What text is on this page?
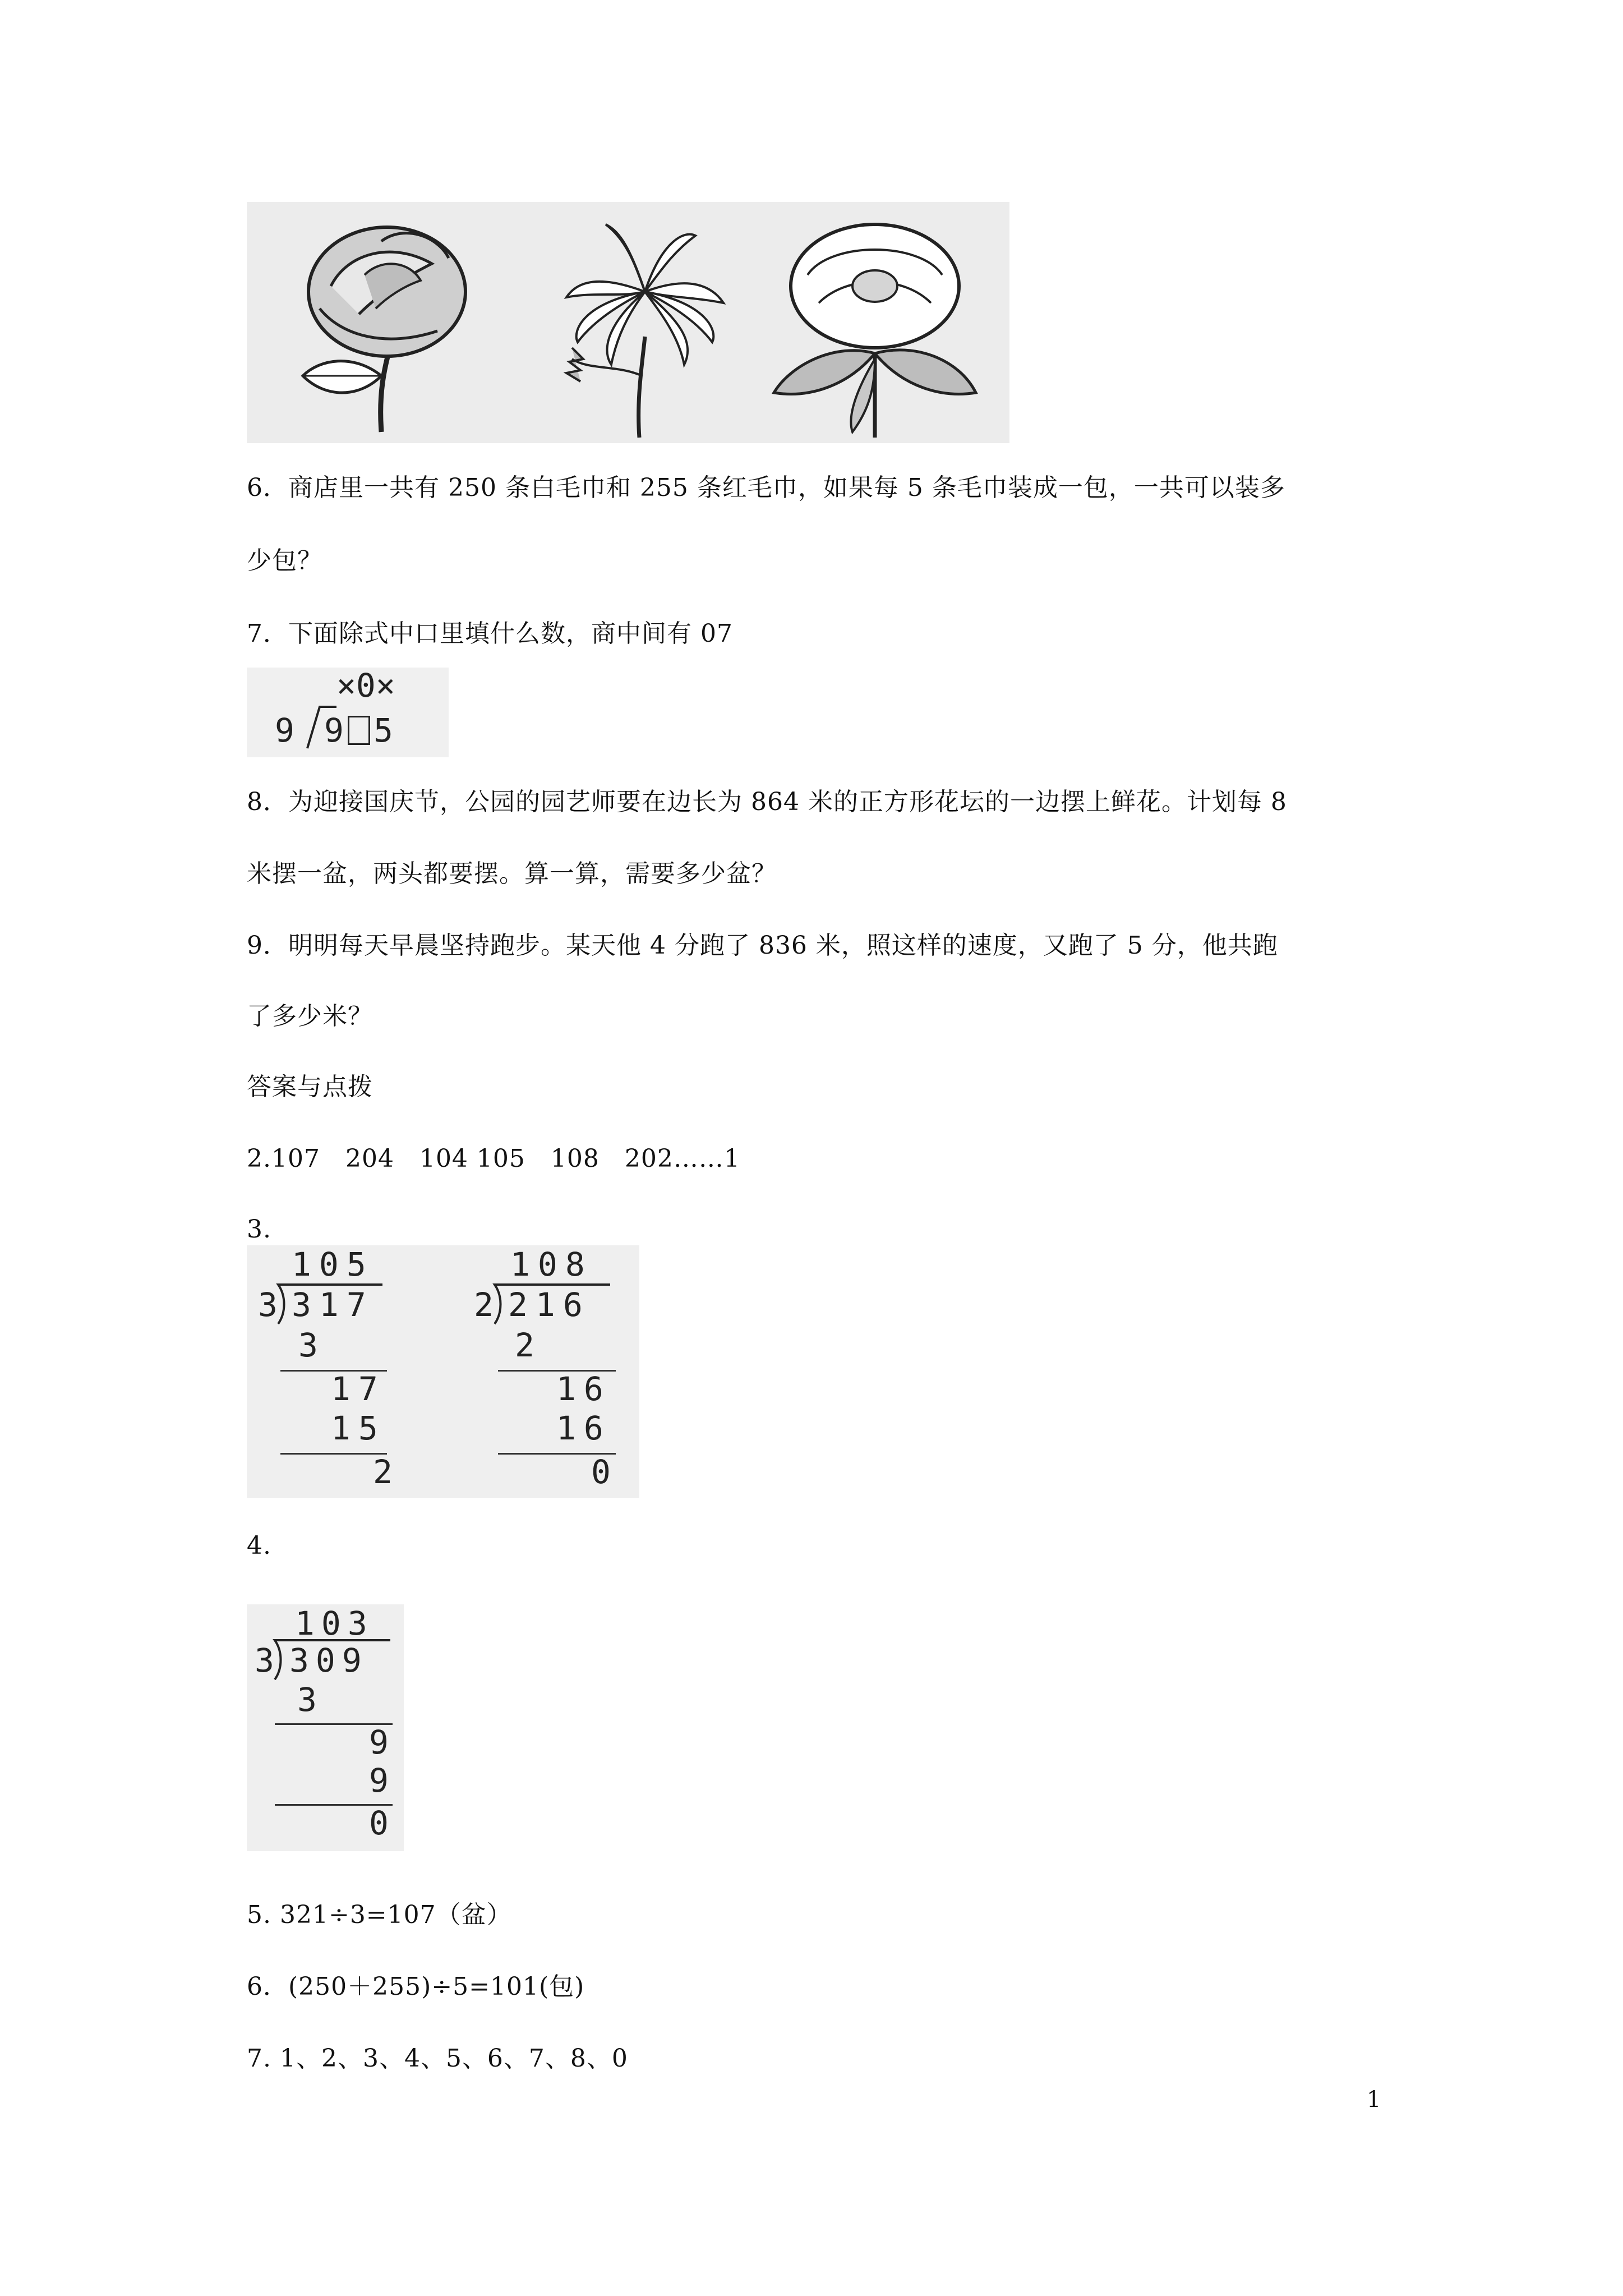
6．商店里一共有 250 条白毛巾和 255 条红毛巾，如果每 5 条毛巾装成一包，一共可以装多
少包？
7．下面除式中口里填什么数，商中间有 07
×0×
9 9 5
8．为迎接国庆节，公园的园艺师要在边长为 864 米的正方形花坛的一边摆上鲜花。计划每 8
米摆一盆，两头都要摆。算一算，需要多少盆？
9．明明每天早晨坚持跑步。某天他 4 分跑了 836 米，照这样的速度，又跑了 5 分，他共跑
了多少米？
答案与点拨
2.107　204　104 105　108　202……1
3.
105
3 317
3
17
15
2
108
2 216
2
16
16
0
4.
103
3 309
3
9
9
0
5. 321÷3=107（盆）
6．(250＋255)÷5=101(包)
7. 1、2、3、4、5、6、7、8、0
1
